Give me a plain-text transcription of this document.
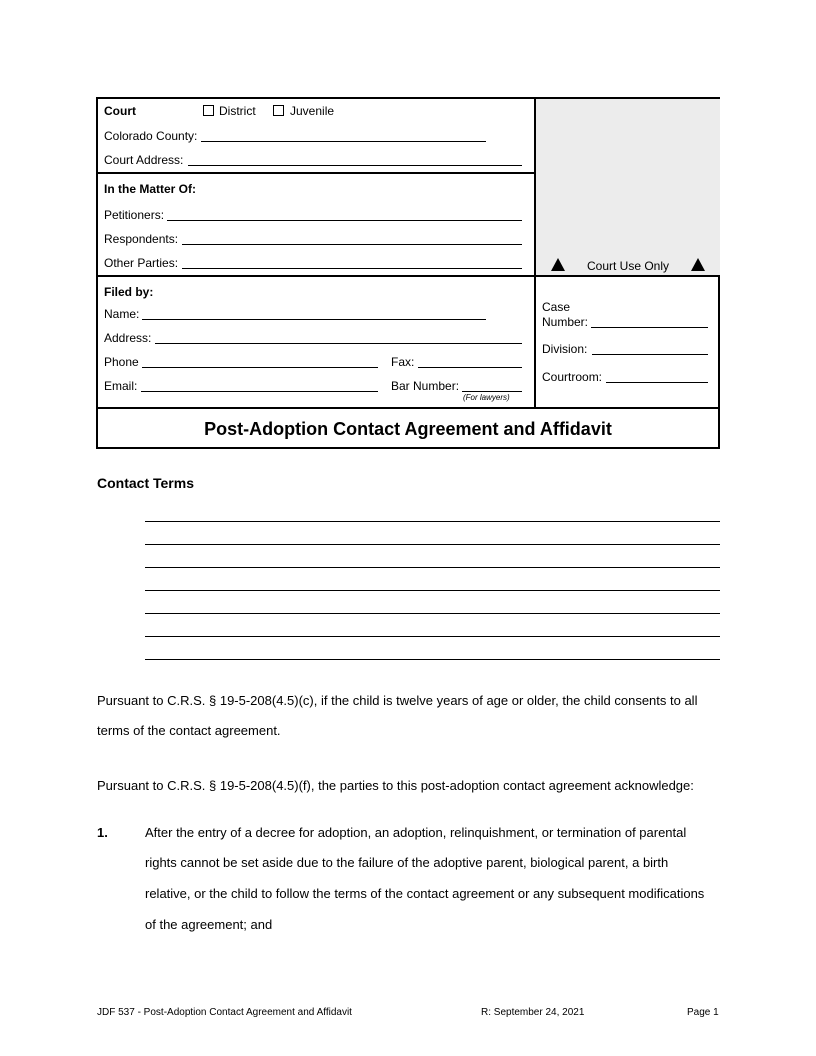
Court	District	Juvenile
Colorado County:
Court Address:
In the Matter Of:
Petitioners:
Respondents:
Other Parties:	Court Use Only
Filed by:
Name:
Address:
Phone	Fax:
Email:	Bar Number:
(For lawyers)
Case
Number:
Division:
Courtroom:
Post-Adoption Contact Agreement and Affidavit
Contact Terms
Pursuant to C.R.S. § 19-5-208(4.5)(c), if the child is twelve years of age or older, the child consents to all
terms of the contact agreement.
Pursuant to C.R.S. § 19-5-208(4.5)(f), the parties to this post-adoption contact agreement acknowledge:
1.	After the entry of a decree for adoption, an adoption, relinquishment, or termination of parental
rights cannot be set aside due to the failure of the adoptive parent, biological parent, a birth
relative, or the child to follow the terms of the contact agreement or any subsequent modifications
of the agreement; and
JDF 537 - Post-Adoption Contact Agreement and Affidavit	R: September 24, 2021	Page 1
